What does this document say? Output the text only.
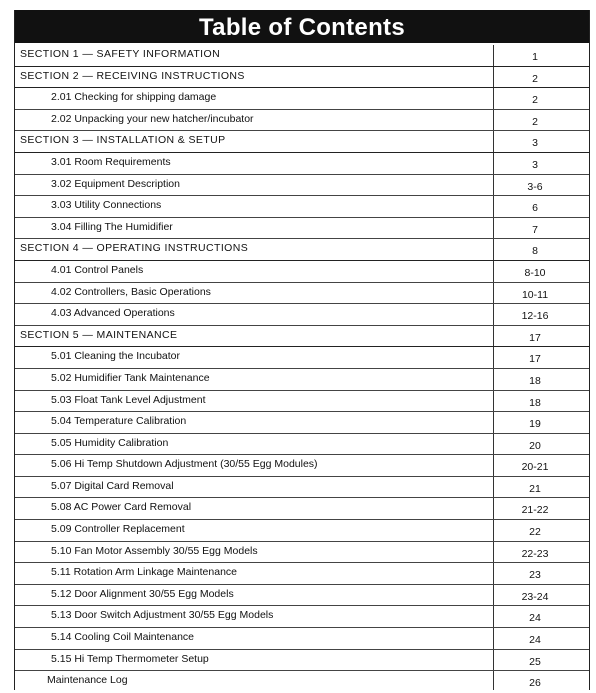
Table of Contents
SECTION 1 — SAFETY INFORMATION	1
SECTION 2 — RECEIVING INSTRUCTIONS	2
2.01 Checking for shipping damage	2
2.02 Unpacking your new hatcher/incubator	2
SECTION 3 — INSTALLATION & SETUP	3
3.01 Room Requirements	3
3.02 Equipment Description	3-6
3.03 Utility Connections	6
3.04 Filling The Humidifier	7
SECTION 4 — OPERATING INSTRUCTIONS	8
4.01 Control Panels	8-10
4.02 Controllers, Basic Operations	10-11
4.03 Advanced Operations	12-16
SECTION 5 — MAINTENANCE	17
5.01 Cleaning the Incubator	17
5.02 Humidifier Tank Maintenance	18
5.03 Float Tank Level Adjustment	18
5.04 Temperature Calibration	19
5.05 Humidity Calibration	20
5.06 Hi Temp Shutdown Adjustment (30/55 Egg Modules)	20-21
5.07 Digital Card Removal	21
5.08 AC Power Card Removal	21-22
5.09 Controller Replacement	22
5.10 Fan Motor Assembly 30/55 Egg Models	22-23
5.11 Rotation Arm Linkage Maintenance	23
5.12 Door Alignment 30/55 Egg Models	23-24
5.13 Door Switch Adjustment 30/55 Egg Models	24
5.14 Cooling Coil Maintenance	24
5.15 Hi Temp Thermometer Setup	25
Maintenance Log	26
